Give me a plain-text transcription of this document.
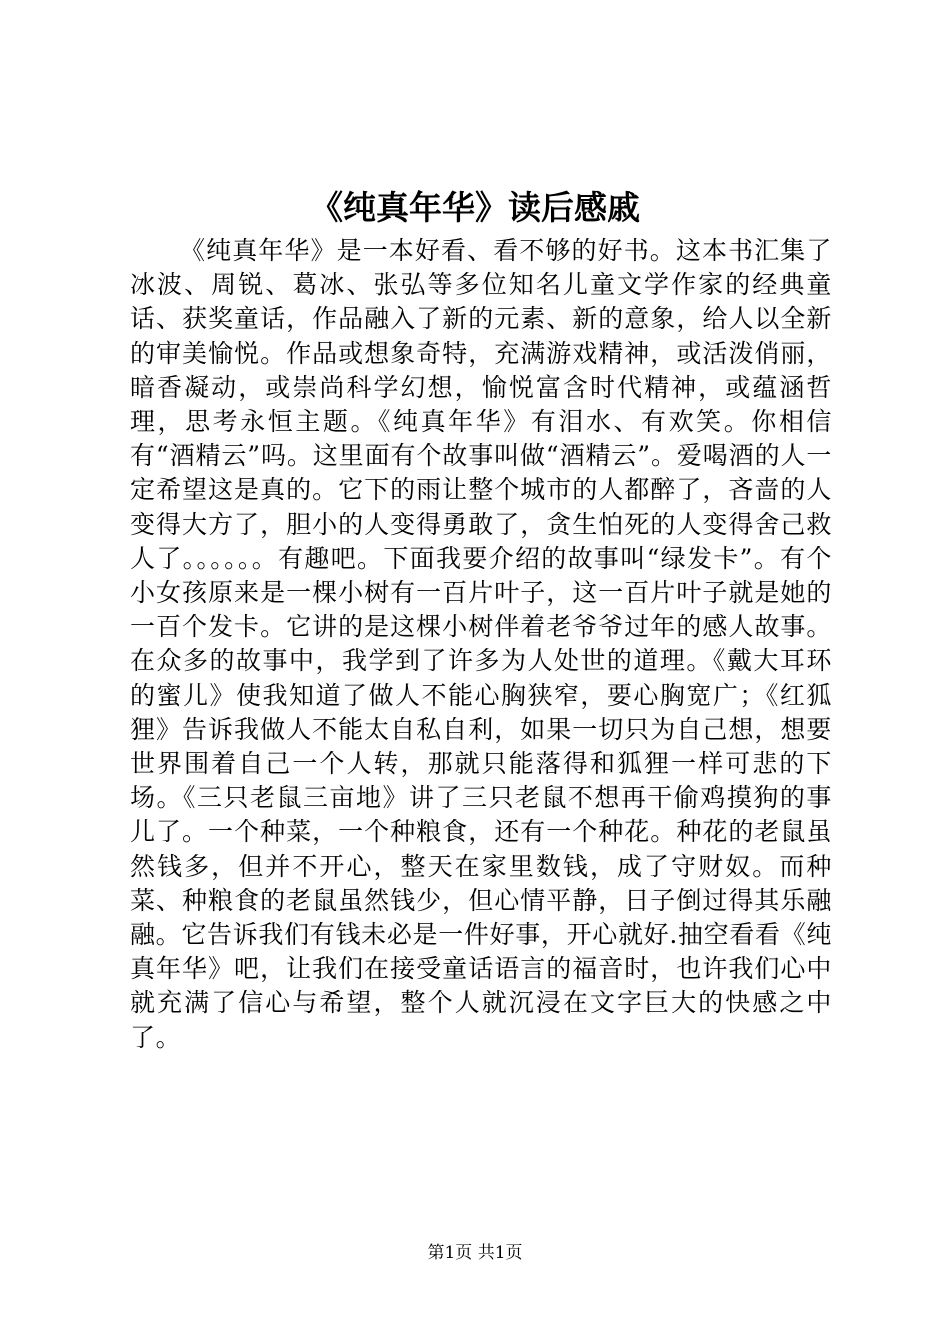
《纯真年华》读后感戚

《纯真年华》是一本好看、看不够的好书。这本书汇集了冰波、周锐、葛冰、张弘等多位知名儿童文学作家的经典童话、获奖童话，作品融入了新的元素、新的意象，给人以全新的审美愉悦。作品或想象奇特，充满游戏精神，或活泼俏丽，暗香凝动，或崇尚科学幻想，愉悦富含时代精神，或蕴涵哲理，思考永恒主题。《纯真年华》有泪水、有欢笑。你相信有“酒精云”吗。这里面有个故事叫做“酒精云”。爱喝酒的人一定希望这是真的。它下的雨让整个城市的人都醉了，吝啬的人变得大方了，胆小的人变得勇敢了，贪生怕死的人变得舍己救人了。。。。。。有趣吧。下面我要介绍的故事叫“绿发卡”。有个小女孩原来是一棵小树有一百片叶子，这一百片叶子就是她的一百个发卡。它讲的是这棵小树伴着老爷爷过年的感人故事。在众多的故事中，我学到了许多为人处世的道理。《戴大耳环的蜜儿》使我知道了做人不能心胸狭窄，要心胸宽广；《红狐狸》告诉我做人不能太自私自利，如果一切只为自己想，想要世界围着自己一个人转，那就只能落得和狐狸一样可悲的下场。《三只老鼠三亩地》讲了三只老鼠不想再干偷鸡摸狗的事儿了。一个种菜，一个种粮食，还有一个种花。种花的老鼠虽然钱多，但并不开心，整天在家里数钱，成了守财奴。而种菜、种粮食的老鼠虽然钱少，但心情平静，日子倒过得其乐融融。它告诉我们有钱未必是一件好事，开心就好.抽空看看《纯真年华》吧，让我们在接受童话语言的福音时，也许我们心中就充满了信心与希望，整个人就沉浸在文字巨大的快感之中了。

第1页 共1页
